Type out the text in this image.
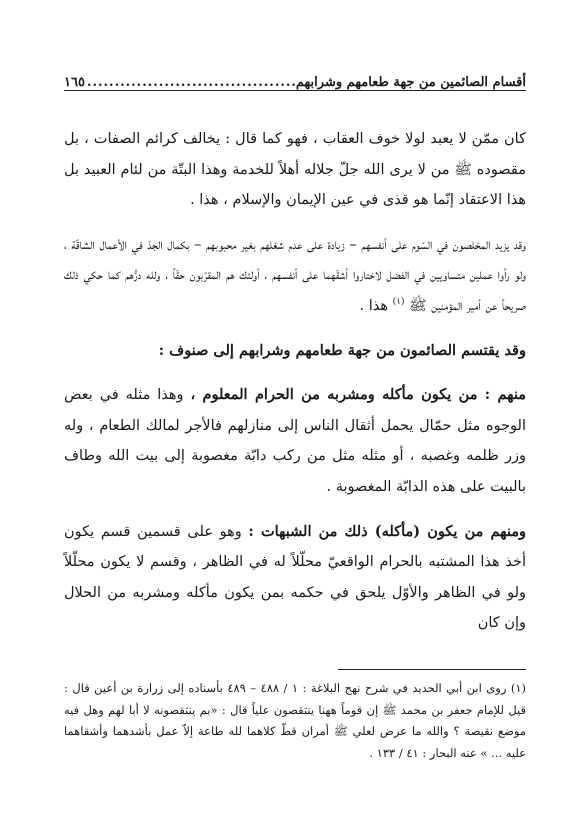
أقسام الصائمين من جهة طعامهم وشرابهم
.....
١٦٥

كان ممّن لا يعبد لولا خوف العقاب ، فهو كما قال : يخالف كرائم الصفات ، بل مقصوده ﷺ من لا يرى الله جلّ جلاله أهلاً للخدمة وهذا البتّة من لئام العبيد بل هذا الاعتقاد إنّما هو قذى في عين الإيمان والإسلام ، هذا .

وقد يزيد المخلصون في السّوم على أنفسهم – زيادة على عدم شغلهم بغير محبوبهم – بكمال الجدّ في الأعمال الشاقّة ، ولو رأوا عملين متساويين في الفضل لاختاروا أشقّهما على أنفسهم ، أولئك هم المقرّبون حقّاً ، ولله درُّهم كما حكي ذلك صريحاً عن أمير المؤمنين ﷺ $^{(١)}$ هذا .

وقد يقتسم الصائمون من جهة طعامهم وشرابهم إلى صنوف :

منهم : من يكون مأكله ومشربه من الحرام المعلوم ، وهذا مثله في بعض الوجوه مثل حمّال يحمل أثقال الناس إلى منازلهم فالأجر لمالك الطعام ، وله وزر ظلمه وغصبه ، أو مثله مثل من ركب دابّة مغصوبة إلى بيت الله وطاف بالبيت على هذه الدابّة المغصوبة .

ومنهم من يكون (مأكله) ذلك من الشبهات : وهو على قسمين قسم يكون أخذ هذا المشتبه بالحرام الواقعيّ محلّلاً له في الظاهر ، وقسم لا يكون محلّلاً ولو في الظاهر والأوّل يلحق في حكمه بمن يكون مأكله ومشربه من الحلال وإن كان

(١) روى ابن أبي الحديد في شرح نهج البلاغة : ١ / ٤٨٨ – ٤٨٩ بأسناده إلى زرارة بن أعين قال : قيل للإمام جعفر بن محمد ﷺ إن قوماً ههنا ينتقصون علياً قال : «بم ينتقصونه لا أبا لهم وهل فيه موضع نقيصة ؟ والله ما عرض لعلي ﷺ أمران قطّ كلاهما لله طاعة إلاّ عمل بأشدهما وأشقاهما عليه ... » عنه البحار : ٤١ / ١٣٣ .
